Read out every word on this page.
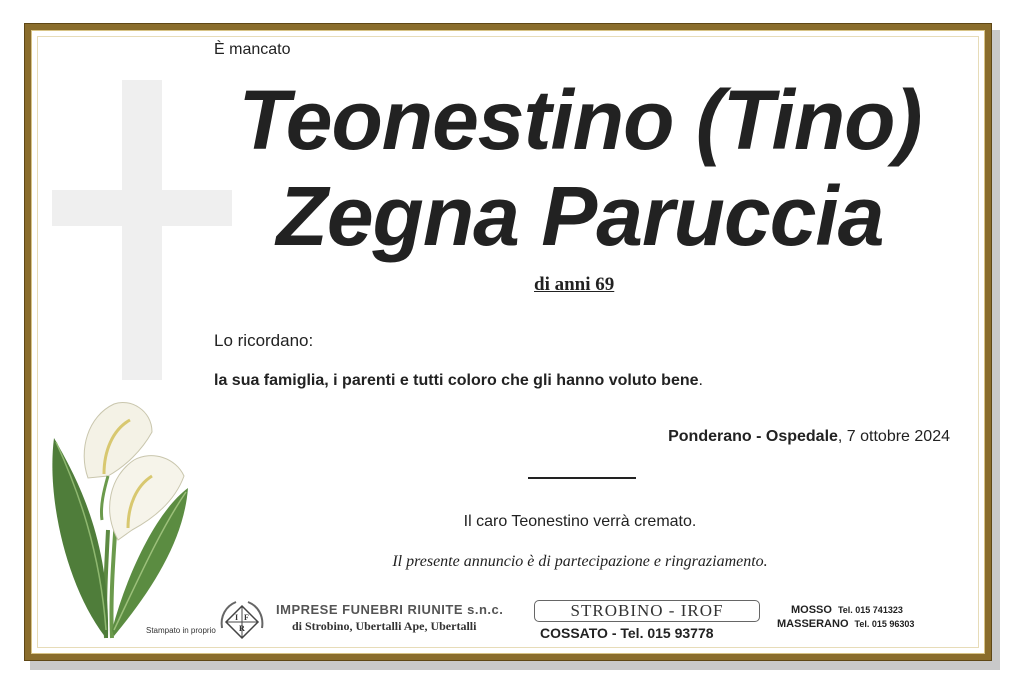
È mancato
Teonestino (Tino)
Zegna Paruccia
di anni 69
Lo ricordano:
la sua famiglia, i parenti e tutti coloro che gli hanno voluto bene.
Ponderano - Ospedale, 7 ottobre 2024
Il caro Teonestino verrà cremato.
Il presente annuncio è di partecipazione e ringraziamento.
Stampato in proprio
I F
R
IMPRESE FUNEBRI RIUNITE s.n.c.
di Strobino, Ubertalli Ape, Ubertalli
STROBINO - IROF
COSSATO - Tel. 015 93778
MOSSO Tel. 015 741323
MASSERANO Tel. 015 96303
